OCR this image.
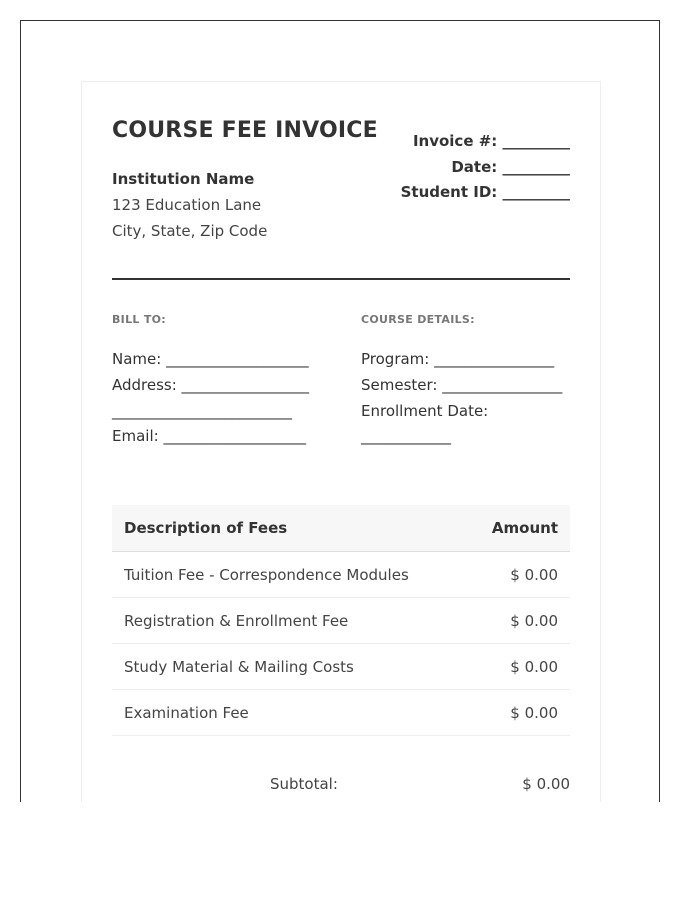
COURSE FEE INVOICE
Institution Name
123 Education Lane
City, State, Zip Code
Invoice #: _________
Date: _________
Student ID: _________
BILL TO:
Name: ___________________
Address: _________________
________________________
Email: ___________________
COURSE DETAILS:
Program: ________________
Semester: ________________
Enrollment Date:
____________
Description of Fees	Amount
Tuition Fee - Correspondence Modules	$ 0.00
Registration & Enrollment Fee	$ 0.00
Study Material & Mailing Costs	$ 0.00
Examination Fee	$ 0.00
Subtotal:	$ 0.00
